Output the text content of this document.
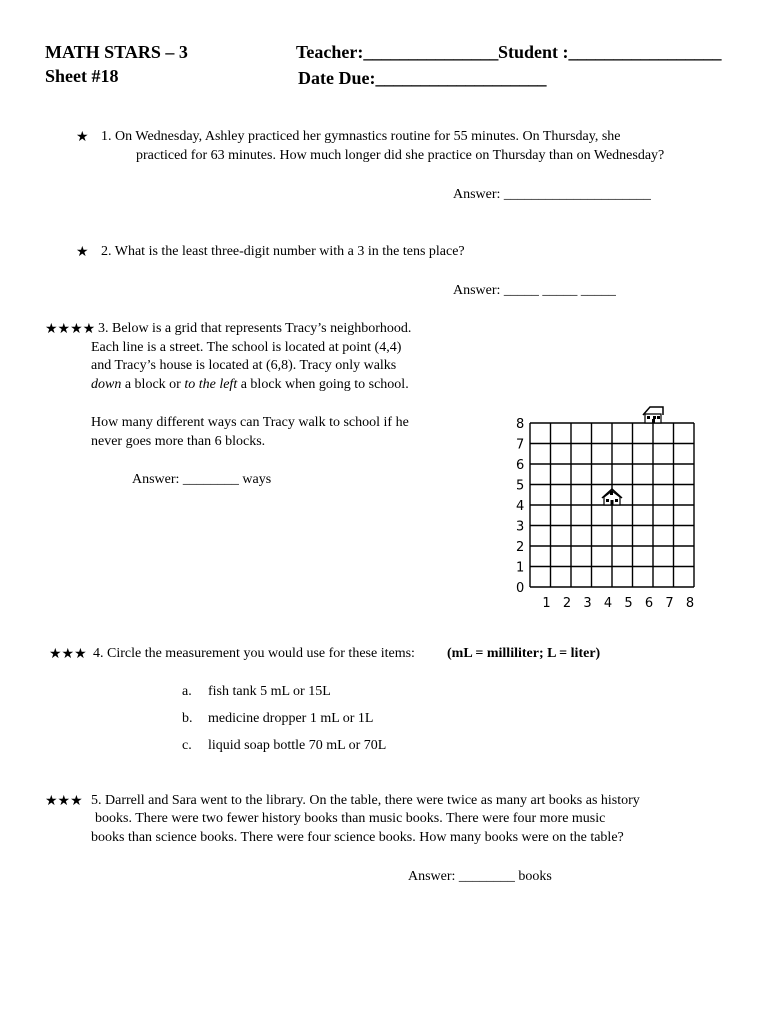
MATH STARS – 3
Sheet #18
Teacher:_______________ Student :_________________
Date Due:___________________
★ 1. On Wednesday, Ashley practiced her gymnastics routine for 55 minutes. On Thursday, she
practiced for 63 minutes. How much longer did she practice on Thursday than on Wednesday?
Answer: _____________________
★ 2. What is the least three-digit number with a 3 in the tens place?
Answer: _____ _____ _____
★★★★ 3. Below is a grid that represents Tracy’s neighborhood.
Each line is a street. The school is located at point (4,4)
and Tracy’s house is located at (6,8). Tracy only walks
down a block or to the left a block when going to school.
How many different ways can Tracy walk to school if he
never goes more than 6 blocks.
Answer: ________ ways
0
1
2
3
4
5
6
7
8
1 2 3 4 5 6 7 8
★★★ 4. Circle the measurement you would use for these items: (mL = milliliter; L = liter)
a. fish tank 5 mL or 15L
b. medicine dropper 1 mL or 1L
c. liquid soap bottle 70 mL or 70L
★★★ 5. Darrell and Sara went to the library. On the table, there were twice as many art books as history
books. There were two fewer history books than music books. There were four more music
books than science books. There were four science books. How many books were on the table?
Answer: ________ books
